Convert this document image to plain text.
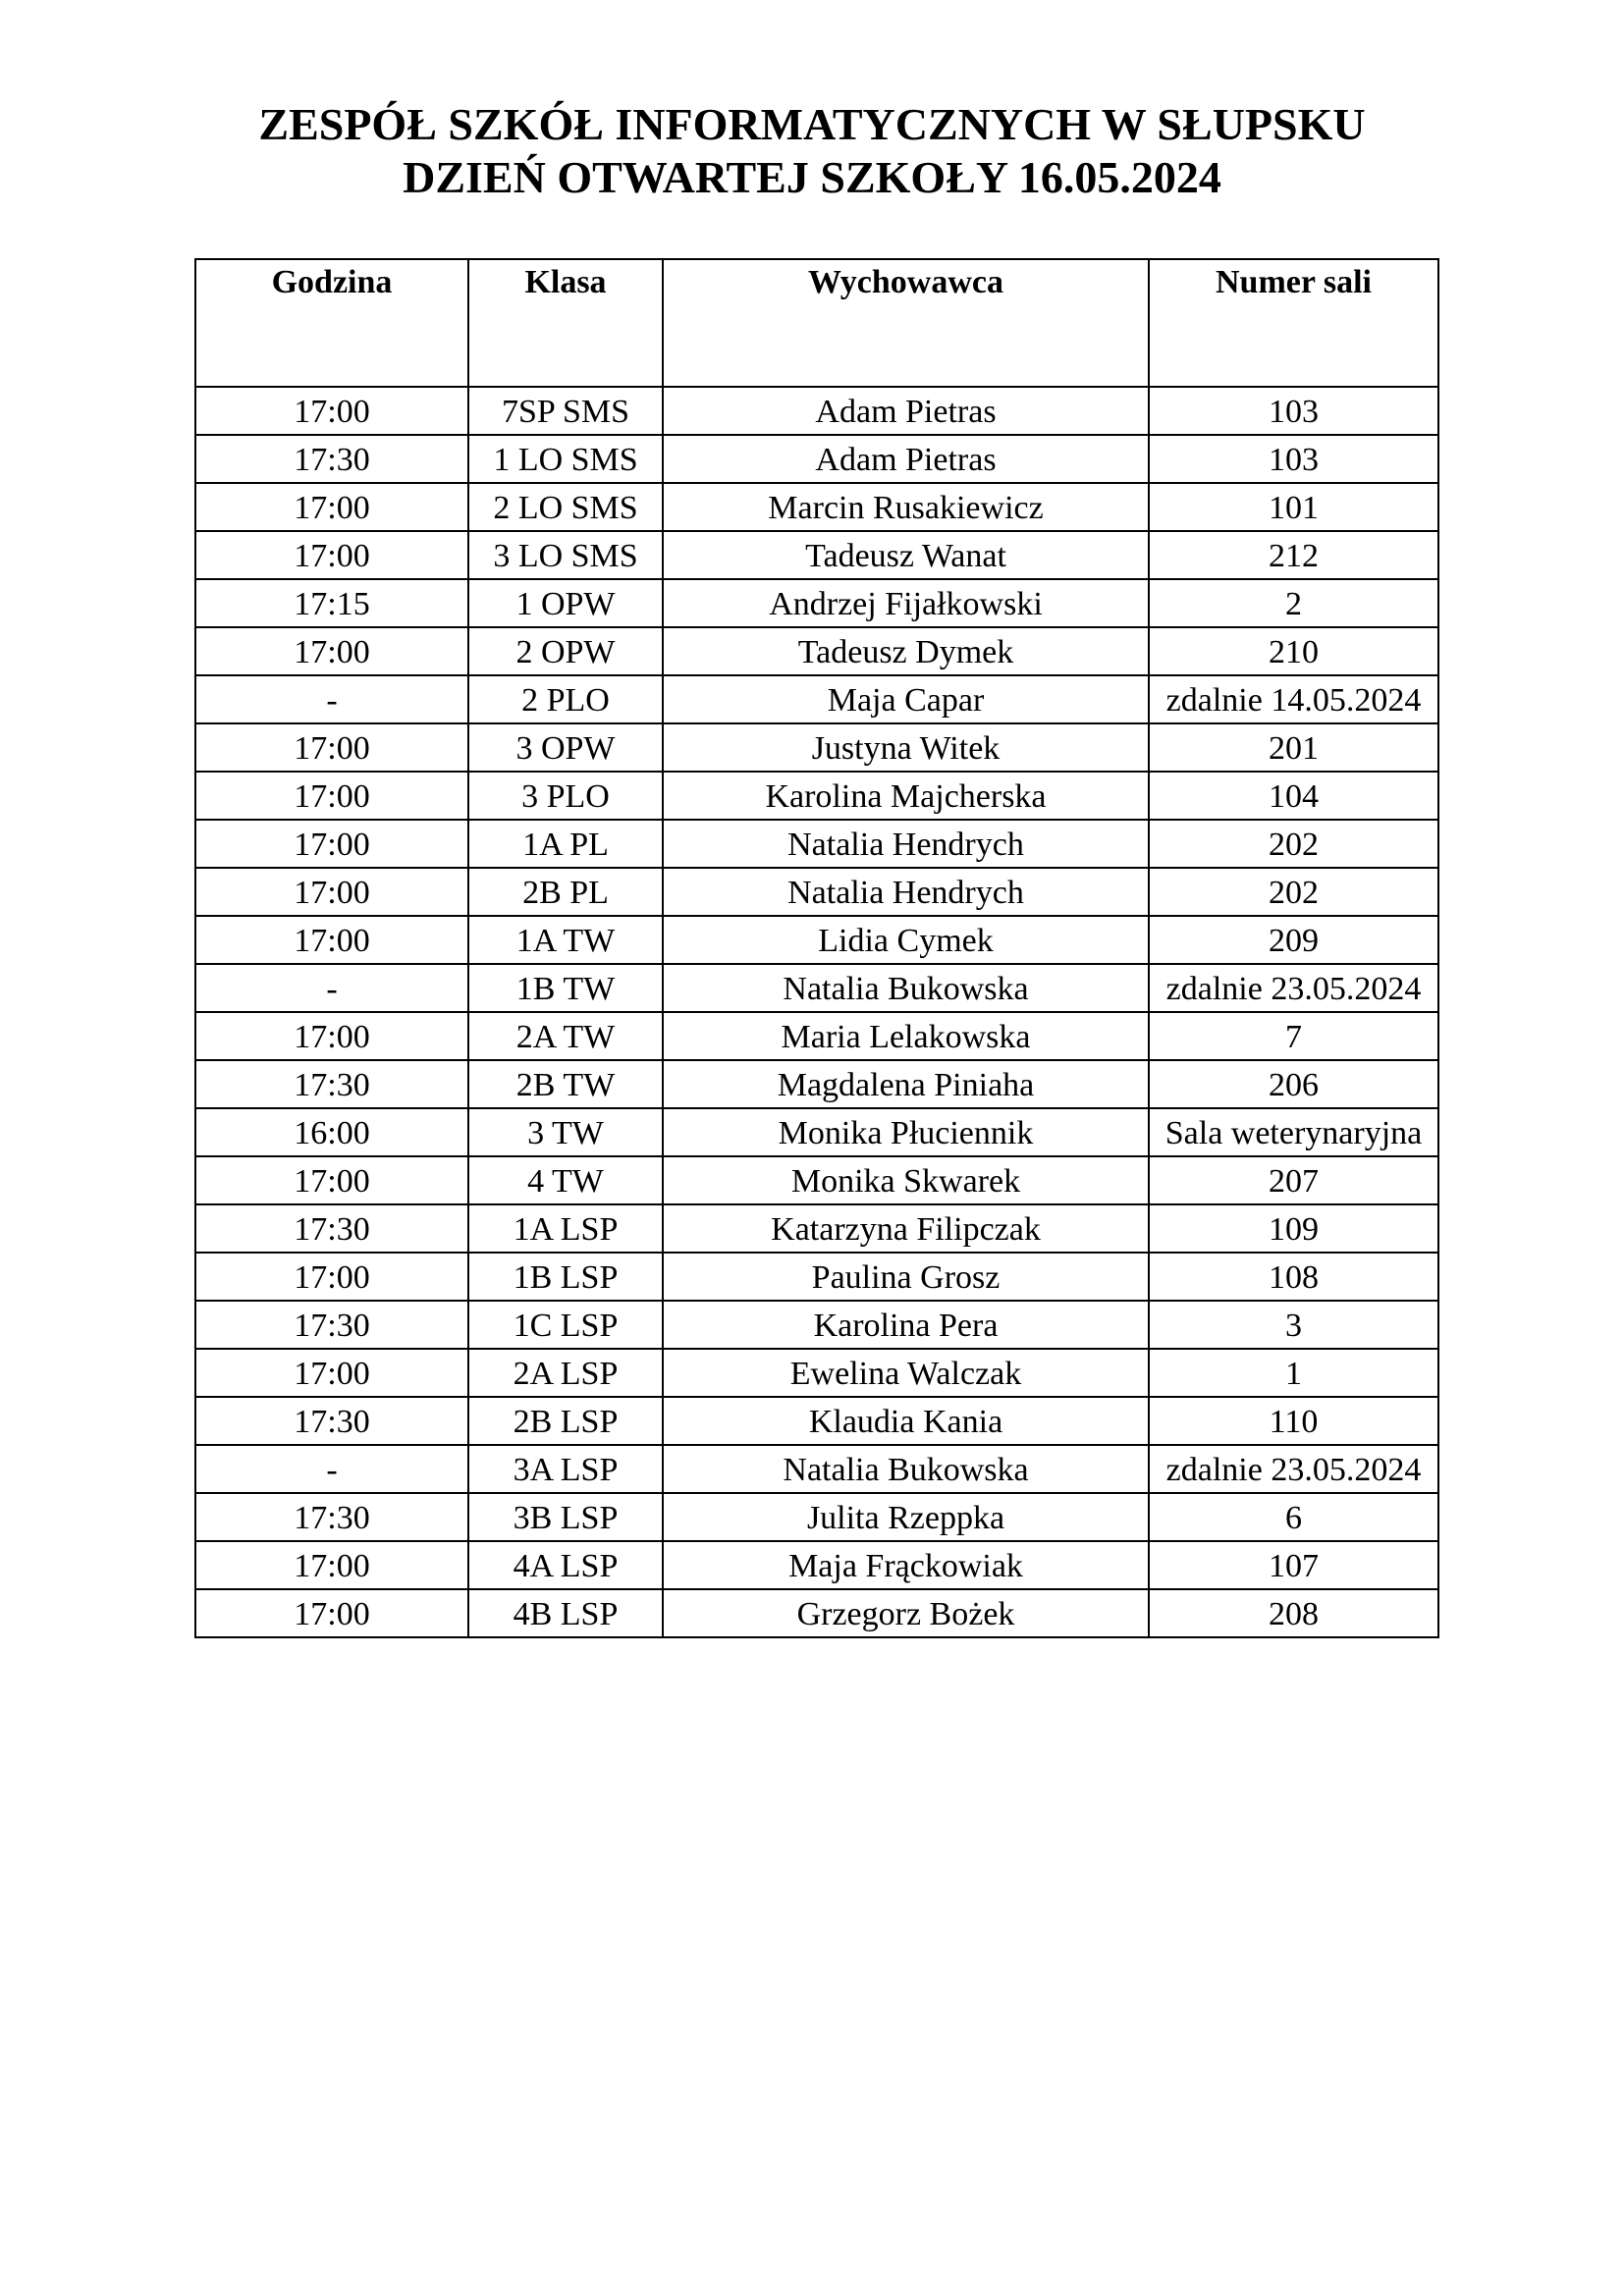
ZESPÓŁ SZKÓŁ INFORMATYCZNYCH W SŁUPSKU
DZIEŃ OTWARTEJ SZKOŁY 16.05.2024
Godzina	Klasa	Wychowawca	Numer sali
17:00	7SP SMS	Adam Pietras	103
17:30	1 LO SMS	Adam Pietras	103
17:00	2 LO SMS	Marcin Rusakiewicz	101
17:00	3 LO SMS	Tadeusz Wanat	212
17:15	1 OPW	Andrzej Fijałkowski	2
17:00	2 OPW	Tadeusz Dymek	210
-	2 PLO	Maja Capar	zdalnie 14.05.2024
17:00	3 OPW	Justyna Witek	201
17:00	3 PLO	Karolina Majcherska	104
17:00	1A PL	Natalia Hendrych	202
17:00	2B PL	Natalia Hendrych	202
17:00	1A TW	Lidia Cymek	209
-	1B TW	Natalia Bukowska	zdalnie 23.05.2024
17:00	2A TW	Maria Lelakowska	7
17:30	2B TW	Magdalena Piniaha	206
16:00	3 TW	Monika Płuciennik	Sala weterynaryjna
17:00	4 TW	Monika Skwarek	207
17:30	1A LSP	Katarzyna Filipczak	109
17:00	1B LSP	Paulina Grosz	108
17:30	1C LSP	Karolina Pera	3
17:00	2A LSP	Ewelina Walczak	1
17:30	2B LSP	Klaudia Kania	110
-	3A LSP	Natalia Bukowska	zdalnie 23.05.2024
17:30	3B LSP	Julita Rzeppka	6
17:00	4A LSP	Maja Frąckowiak	107
17:00	4B LSP	Grzegorz Bożek	208
